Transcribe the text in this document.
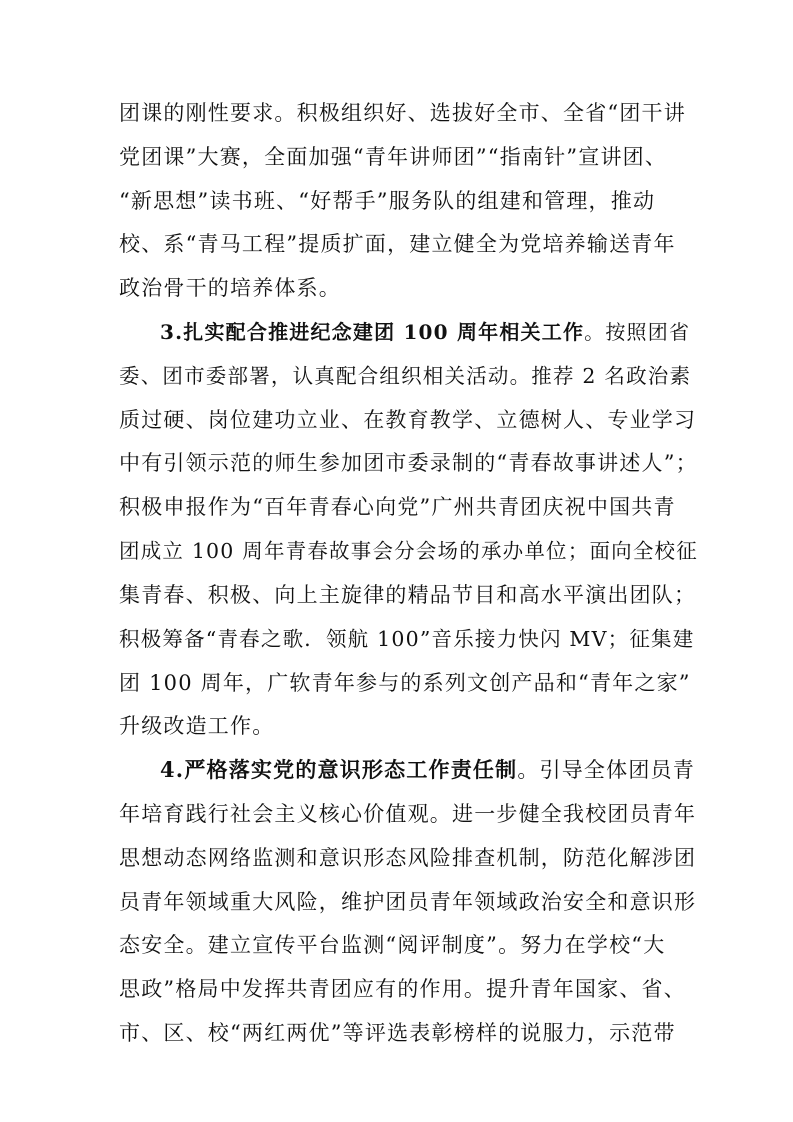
团课的刚性要求。积极组织好、选拔好全市、全省“团干讲
党团课”大赛，全面加强“青年讲师团”“指南针”宣讲团、
“新思想”读书班、“好帮手”服务队的组建和管理，推动
校、系“青马工程”提质扩面，建立健全为党培养输送青年
政治骨干的培养体系。
3.扎实配合推进纪念建团 100 周年相关工作。按照团省
委、团市委部署，认真配合组织相关活动。推荐 2 名政治素
质过硬、岗位建功立业、在教育教学、立德树人、专业学习
中有引领示范的师生参加团市委录制的“青春故事讲述人”；
积极申报作为“百年青春心向党”广州共青团庆祝中国共青
团成立 100 周年青春故事会分会场的承办单位；面向全校征
集青春、积极、向上主旋律的精品节目和高水平演出团队；
积极筹备“青春之歌．领航 100”音乐接力快闪 MV；征集建
团 100 周年，广软青年参与的系列文创产品和“青年之家”
升级改造工作。
4.严格落实党的意识形态工作责任制。引导全体团员青
年培育践行社会主义核心价值观。进一步健全我校团员青年
思想动态网络监测和意识形态风险排查机制，防范化解涉团
员青年领域重大风险，维护团员青年领域政治安全和意识形
态安全。建立宣传平台监测“阅评制度”。努力在学校“大
思政”格局中发挥共青团应有的作用。提升青年国家、省、
市、区、校“两红两优”等评选表彰榜样的说服力，示范带
